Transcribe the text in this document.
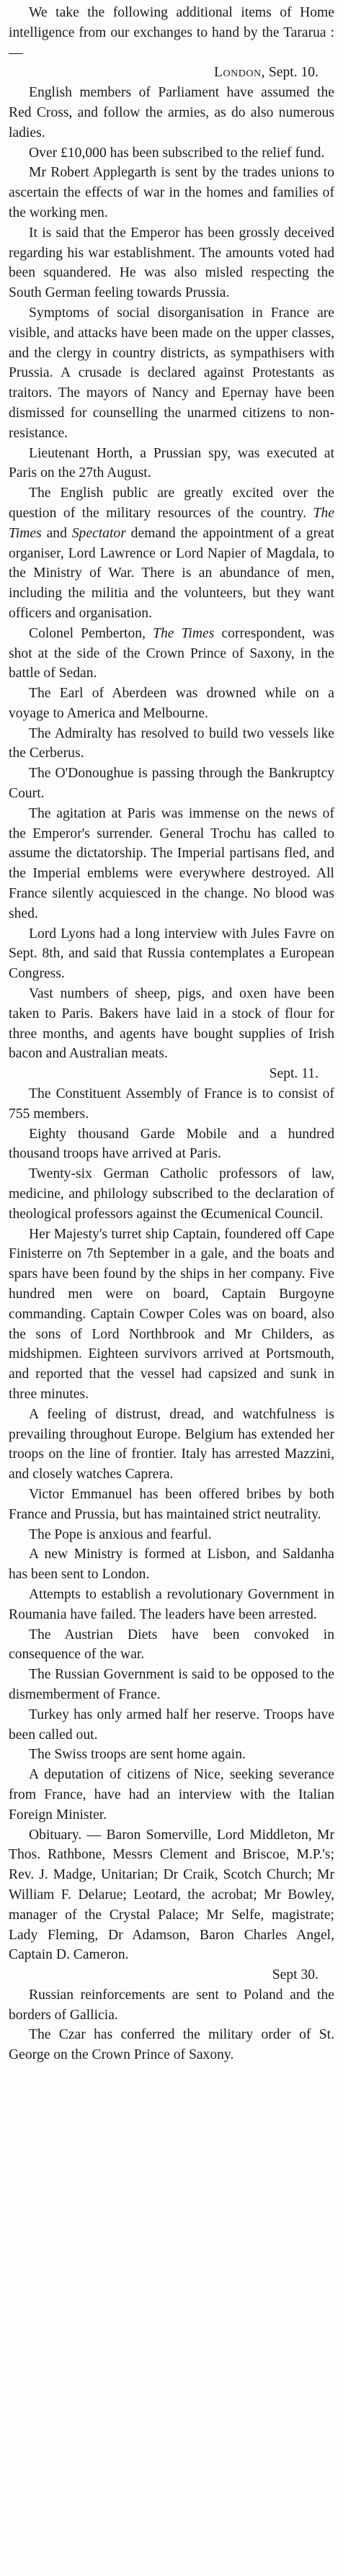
We take the following additional items of Home intelligence from our exchanges to hand by the Tararua :—

London, Sept. 10.

English members of Parliament have assumed the Red Cross, and follow the armies, as do also numerous ladies.

Over £10,000 has been subscribed to the relief fund.

Mr Robert Applegarth is sent by the trades unions to ascertain the effects of war in the homes and families of the working men.

It is said that the Emperor has been grossly deceived regarding his war establishment. The amounts voted had been squandered. He was also misled respecting the South German feeling towards Prussia.

Symptoms of social disorganisation in France are visible, and attacks have been made on the upper classes, and the clergy in country districts, as sympathisers with Prussia. A crusade is declared against Protestants as traitors. The mayors of Nancy and Epernay have been dismissed for counselling the unarmed citizens to non-resistance.

Lieutenant Horth, a Prussian spy, was executed at Paris on the 27th August.

The English public are greatly excited over the question of the military resources of the country. The Times and Spectator demand the appointment of a great organiser, Lord Lawrence or Lord Napier of Magdala, to the Ministry of War. There is an abundance of men, including the militia and the volunteers, but they want officers and organisation.

Colonel Pemberton, The Times correspondent, was shot at the side of the Crown Prince of Saxony, in the battle of Sedan.

The Earl of Aberdeen was drowned while on a voyage to America and Melbourne.

The Admiralty has resolved to build two vessels like the Cerberus.

The O'Donoughue is passing through the Bankruptcy Court.

The agitation at Paris was immense on the news of the Emperor's surrender. General Trochu has called to assume the dictatorship. The Imperial partisans fled, and the Imperial emblems were everywhere destroyed. All France silently acquiesced in the change. No blood was shed.

Lord Lyons had a long interview with Jules Favre on Sept. 8th, and said that Russia contemplates a European Congress.

Vast numbers of sheep, pigs, and oxen have been taken to Paris. Bakers have laid in a stock of flour for three months, and agents have bought supplies of Irish bacon and Australian meats.

Sept. 11.

The Constituent Assembly of France is to consist of 755 members.

Eighty thousand Garde Mobile and a hundred thousand troops have arrived at Paris.

Twenty-six German Catholic professors of law, medicine, and philology subscribed to the declaration of theological professors against the Œcumenical Council.

Her Majesty's turret ship Captain, foundered off Cape Finisterre on 7th September in a gale, and the boats and spars have been found by the ships in her company. Five hundred men were on board, Captain Burgoyne commanding. Captain Cowper Coles was on board, also the sons of Lord Northbrook and Mr Childers, as midshipmen. Eighteen survivors arrived at Portsmouth, and reported that the vessel had capsized and sunk in three minutes.

A feeling of distrust, dread, and watchfulness is prevailing throughout Europe. Belgium has extended her troops on the line of frontier. Italy has arrested Mazzini, and closely watches Caprera.

Victor Emmanuel has been offered bribes by both France and Prussia, but has maintained strict neutrality.

The Pope is anxious and fearful.

A new Ministry is formed at Lisbon, and Saldanha has been sent to London.

Attempts to establish a revolutionary Government in Roumania have failed. The leaders have been arrested.

The Austrian Diets have been convoked in consequence of the war.

The Russian Government is said to be opposed to the dismemberment of France.

Turkey has only armed half her reserve. Troops have been called out.

The Swiss troops are sent home again.

A deputation of citizens of Nice, seeking severance from France, have had an interview with the Italian Foreign Minister.

Obituary. — Baron Somerville, Lord Middleton, Mr Thos. Rathbone, Messrs Clement and Briscoe, M.P.'s; Rev. J. Madge, Unitarian; Dr Craik, Scotch Church; Mr William F. Delarue; Leotard, the acrobat; Mr Bowley, manager of the Crystal Palace; Mr Selfe, magistrate; Lady Fleming, Dr Adamson, Baron Charles Angel, Captain D. Cameron.

Sept 30.

Russian reinforcements are sent to Poland and the borders of Gallicia.

The Czar has conferred the military order of St. George on the Crown Prince of Saxony.
